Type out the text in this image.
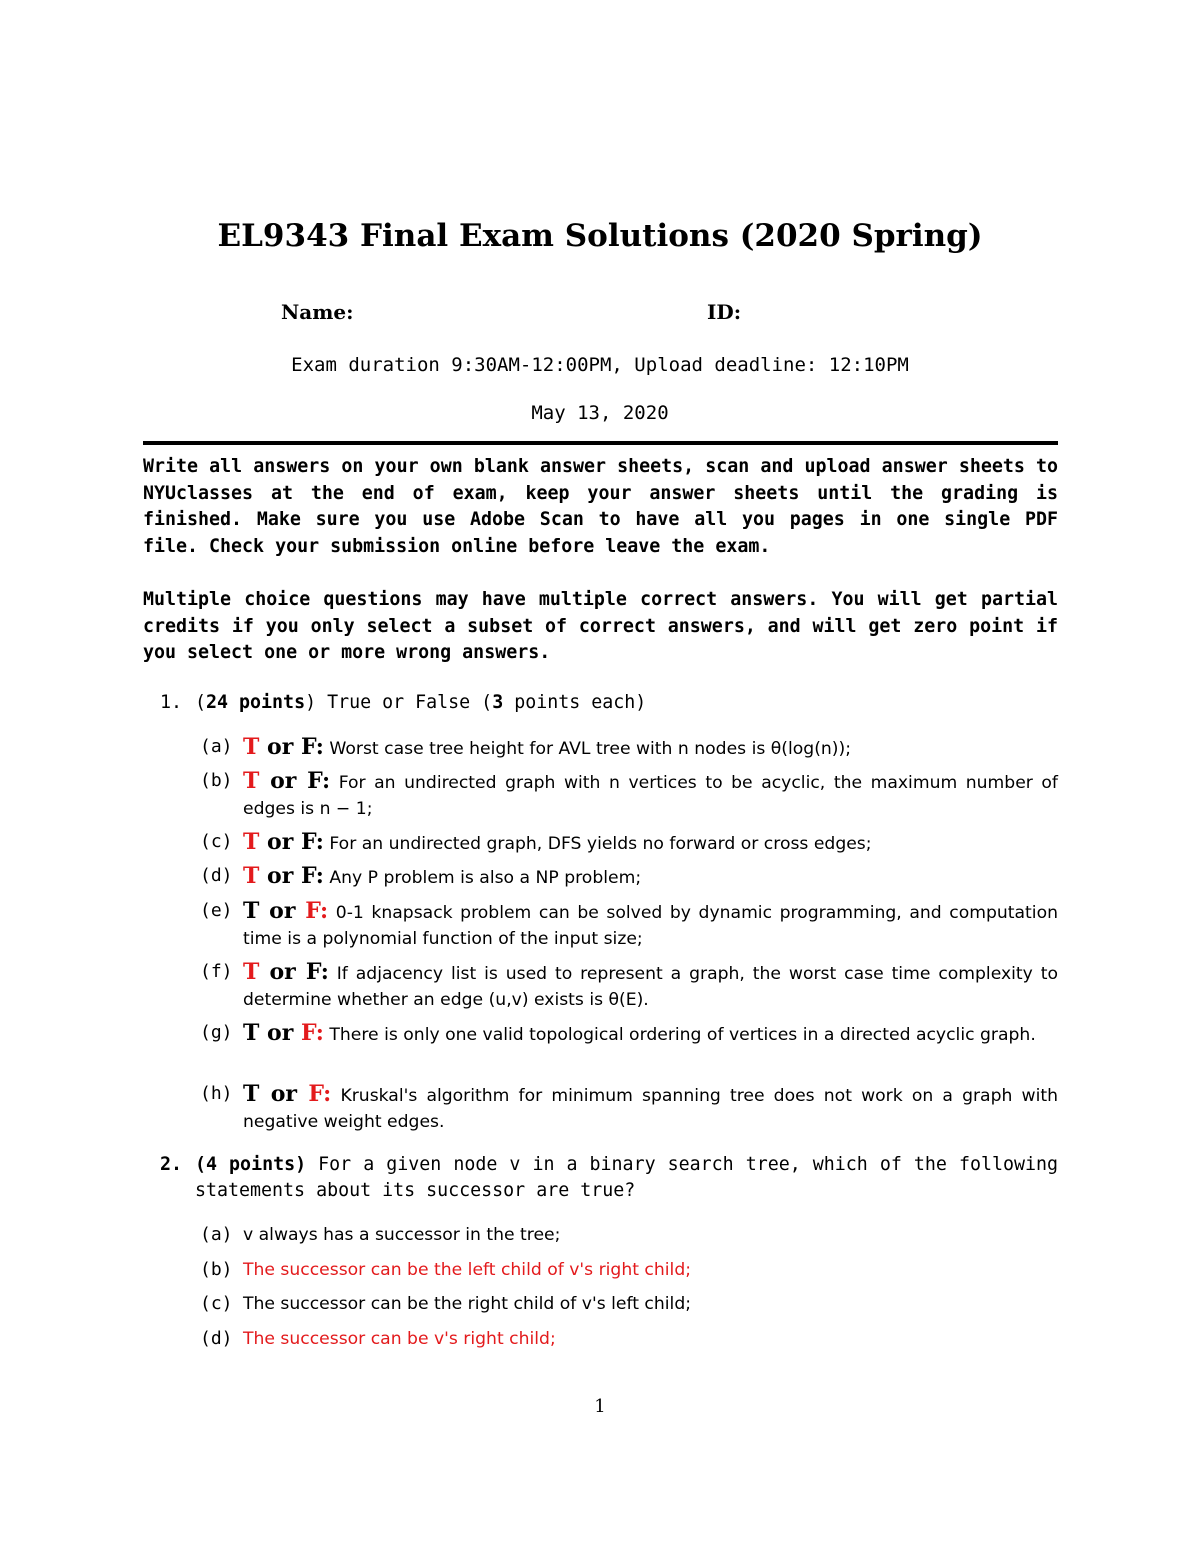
EL9343 Final Exam Solutions (2020 Spring)
Name:	ID:
Exam duration 9:30AM-12:00PM, Upload deadline: 12:10PM
May 13, 2020

Write all answers on your own blank answer sheets, scan and upload answer sheets to NYUclasses at the end of exam, keep your answer sheets until the grading is finished. Make sure you use Adobe Scan to have all you pages in one single PDF file. Check your submission online before leave the exam.

Multiple choice questions may have multiple correct answers. You will get partial credits if you only select a subset of correct answers, and will get zero point if you select one or more wrong answers.

1. (24 points) True or False (3 points each)
(a) T or F: Worst case tree height for AVL tree with n nodes is θ(log(n));
(b) T or F: For an undirected graph with n vertices to be acyclic, the maximum number of edges is n − 1;
(c) T or F: For an undirected graph, DFS yields no forward or cross edges;
(d) T or F: Any P problem is also a NP problem;
(e) T or F: 0-1 knapsack problem can be solved by dynamic programming, and computation time is a polynomial function of the input size;
(f) T or F: If adjacency list is used to represent a graph, the worst case time complexity to determine whether an edge (u,v) exists is θ(E).
(g) T or F: There is only one valid topological ordering of vertices in a directed acyclic graph.
(h) T or F: Kruskal's algorithm for minimum spanning tree does not work on a graph with negative weight edges.
2. (4 points) For a given node v in a binary search tree, which of the following statements about its successor are true?
(a) v always has a successor in the tree;
(b) The successor can be the left child of v's right child;
(c) The successor can be the right child of v's left child;
(d) The successor can be v's right child;
1
